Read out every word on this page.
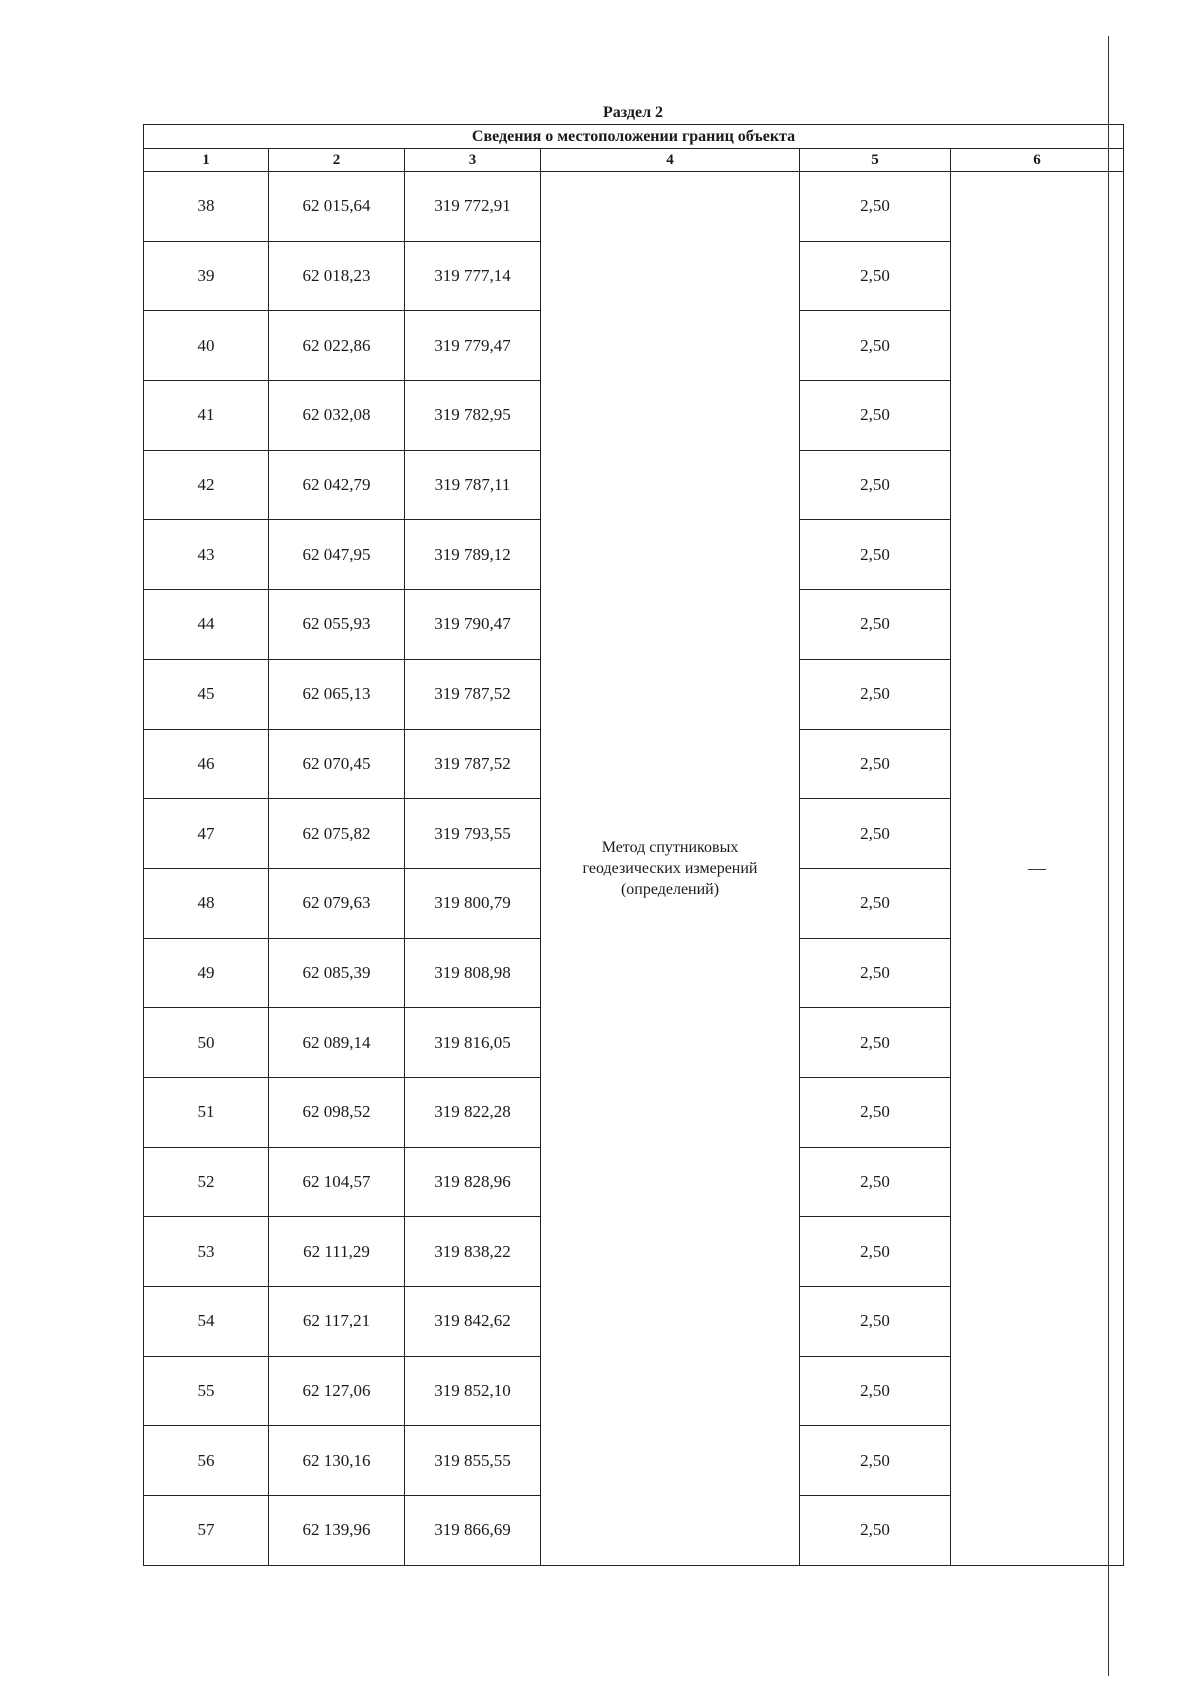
Раздел 2
Сведения о местоположении границ объекта					
1	2	3	4	5	6
38	62 015,64	319 772,91	Метод спутниковых
геодезических измерений
(определений)	2,50	—
39	62 018,23	319 777,14		2,50	
40	62 022,86	319 779,47		2,50	
41	62 032,08	319 782,95		2,50	
42	62 042,79	319 787,11		2,50	
43	62 047,95	319 789,12		2,50	
44	62 055,93	319 790,47		2,50	
45	62 065,13	319 787,52		2,50	
46	62 070,45	319 787,52		2,50	
47	62 075,82	319 793,55		2,50	
48	62 079,63	319 800,79		2,50	
49	62 085,39	319 808,98		2,50	
50	62 089,14	319 816,05		2,50	
51	62 098,52	319 822,28		2,50	
52	62 104,57	319 828,96		2,50	
53	62 111,29	319 838,22		2,50	
54	62 117,21	319 842,62		2,50	
55	62 127,06	319 852,10		2,50	
56	62 130,16	319 855,55		2,50	
57	62 139,96	319 866,69		2,50	
